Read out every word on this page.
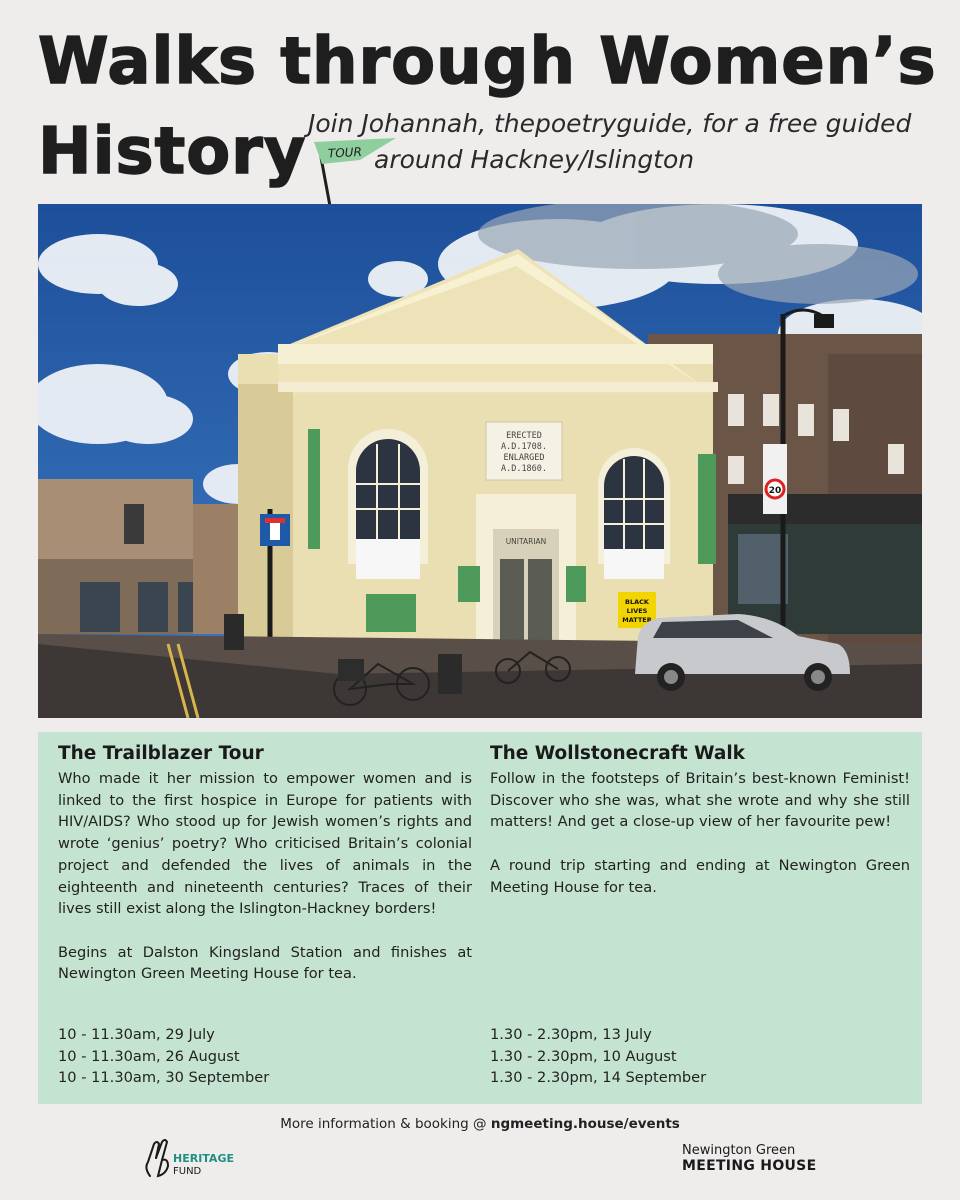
Walks through Women’s
History TOUR
Join Johannah, thepoetryguide, for a free guided
around Hackney/Islington
20
ERECTED
A.D.1708.
ENLARGED
A.D.1860.
UNITARIAN
BLACK
LIVES
MATTER
The Trailblazer Tour

Who made it her mission to empower women and is linked to the first hospice in Europe for patients with HIV/AIDS? Who stood up for Jewish women’s rights and wrote ‘genius’ poetry? Who criticised Britain’s colonial project and defended the lives of animals in the eighteenth and nineteenth centuries? Traces of their lives still exist along the Islington-Hackney borders!

Begins at Dalston Kingsland Station and finishes at Newington Green Meeting House for tea.

The Wollstonecraft Walk

Follow in the footsteps of Britain’s best-known Feminist! Discover who she was, what she wrote and why she still matters! And get a close-up view of her favourite pew!

A round trip starting and ending at Newington Green Meeting House for tea.

10 - 11.30am, 29 July
10 - 11.30am, 26 August
10 - 11.30am, 30 September
1.30 - 2.30pm, 13 July
1.30 - 2.30pm, 10 August
1.30 - 2.30pm, 14 September
More information & booking @ ngmeeting.house/events
HERITAGE
FUND
Newington Green
MEETING HOUSE
